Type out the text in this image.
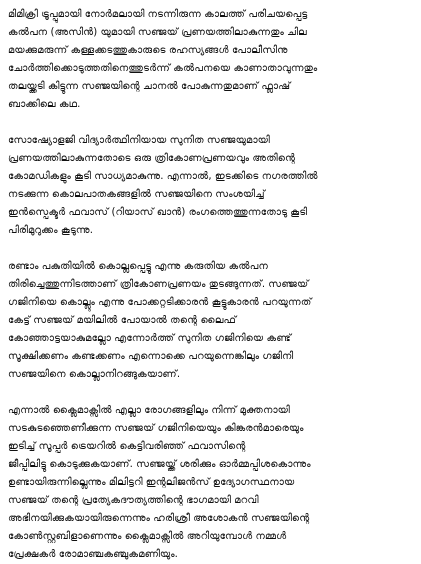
മിമിക്രി ട്രൂപ്പുമായി നോർമലായി നടന്നിരുന്ന കാലത്ത് പരിചയപ്പെട്ട
കൽപന (അസിൻ) യുമായി സഞ്ജയ് പ്രണയത്തിലാകുന്നതും ചില
മയക്കുമരുന്ന് കള്ളക്കടത്തുകാരുടെ രഹസ്യങ്ങൾ പോലീസിനു
ചോർത്തിക്കൊടുത്തതിനെത്തുടർന്ന് കൽപനയെ കാണാതാവുന്നതും
തലയ്ക്കടി കിട്ടുന്ന സഞ്ജയിന്റെ ചാനൽ പോകുന്നതുമാണ് ഫ്ലാഷ്
ബാക്കിലെ കഥ.
സോഷ്യോളജി വിദ്യാർത്ഥിനിയായ സുനിത സഞ്ജയുമായി
പ്രണയത്തിലാകുന്നതോടെ ഒരു ത്രികോണപ്രണയവും അതിന്റെ
കോമഡികളും കൂടി സാധ്യമാകുന്നു. എന്നാൽ, ഇടക്കിടെ നഗരത്തിൽ
നടക്കുന്ന കൊലപാതകങ്ങളിൽ സഞ്ജയിനെ സംശയിച്ച്
ഇൻസ്പെക്ടർ ഫവാസ് (റിയാസ് ഖാൻ) രംഗത്തെത്തുന്നതോടു കൂടി
പിരിമുറുക്കം കൂടുന്നു.
രണ്ടാം പകുതിയിൽ കൊല്ലപ്പെട്ടു എന്നു കരുതിയ കൽപന
തിരിച്ചെത്തുന്നിടത്താണ് ത്രികോണപ്രണയം തുടങ്ങുന്നത്. സഞ്ജയ്
ഗജിനിയെ കൊല്ലും എന്നു പോക്കറ്റടിക്കാരൻ കൂട്ടുകാരൻ പറയുന്നത്
കേട്ട് സഞ്ജയ് മയിലിൽ പോയാൽ തന്റെ ലൈഫ്
കോഞ്ഞാട്ടയാകുമല്ലോ എന്നോർത്ത് സുനിത ഗജിനിയെ കണ്ട്
സൂക്ഷിക്കണം കണ്ടക്കണം എന്നൊക്കെ പറയുന്നെങ്കിലും ഗജിനി
സഞ്ജയിനെ കൊല്ലാനിറങ്ങുകയാണ്.
എന്നാൽ ക്ലൈമാക്സിൽ എല്ലാ രോഗങ്ങളിലും നിന്ന് മുക്തനായി
സടകുടഞ്ഞെണീക്കുന്ന സഞ്ജയ് ഗജിനിയെയും കിങ്കരൻമാരെയും
ഇടിച്ച് സൂപ്പർ ട്രെയറിൽ കെട്ടിവരിഞ്ഞ് ഫവാസിന്റെ
ജീപ്പിലിട്ടു കൊടുക്കുകയാണ്. സഞ്ജയ്ക്ക് ശരിക്കും ഓർമ്മപ്പിശകൊന്നും
ഉണ്ടായിരുന്നില്ലെന്നും മിലിട്ടറി ഇന്റലിജൻസ് ഉദ്യോഗസ്ഥനായ
സഞ്ജയ് തന്റെ പ്രത്യേകദൗത്യത്തിന്റെ ഭാഗമായി മറവി
അഭിനയിക്കുകയായിരുന്നെന്നും ഹരിശ്രീ അശോകൻ സഞ്ജയിന്റെ
കോൺസ്റ്റബിളാണെന്നും ക്ലൈമാക്സിൽ അറിയുമ്പോൾ നമ്മൾ
പ്രേക്ഷകർ രോമാഞ്ചകഞ്ചുകമണിയും.
